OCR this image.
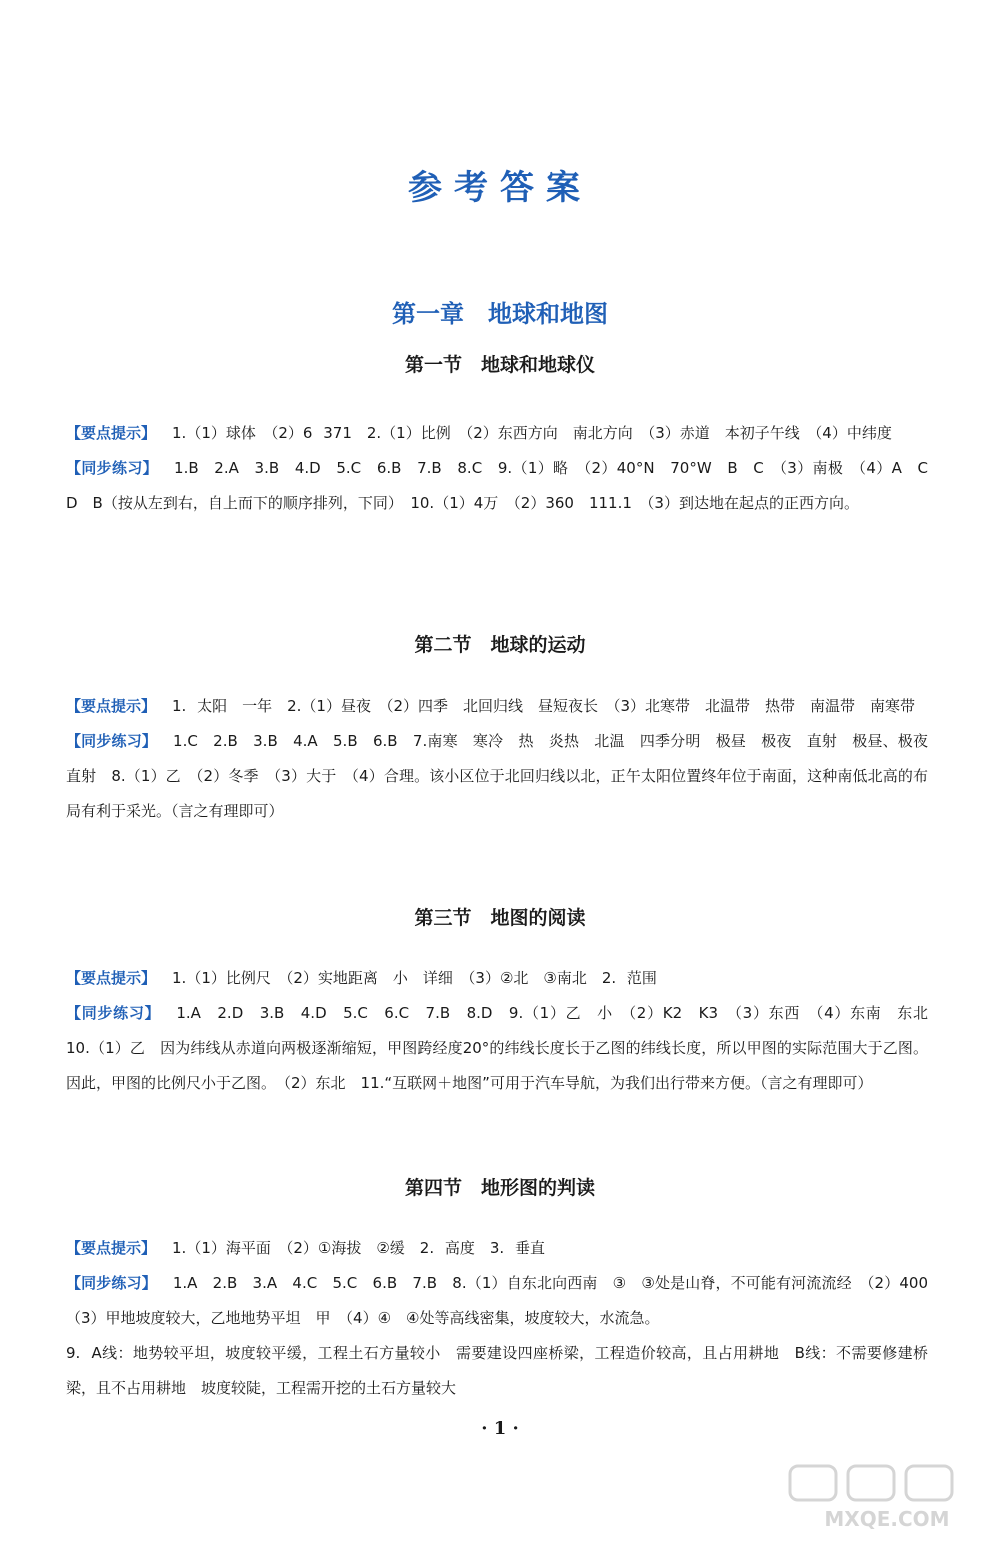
参考答案
第一章　地球和地图
第一节　地球和地球仪

【要点提示】 1.（1）球体　（2）6 371　2.（1）比例　（2）东西方向　南北方向　（3）赤道　本初子午线　（4）中纬度

【同步练习】 1.B　2.A　3.B　4.D　5.C　6.B　7.B　8.C　9.（1）略　（2）40°N　70°W　B　C　（3）南极　（4）A　C　D　B（按从左到右，自上而下的顺序排列，下同）　10.（1）4万　（2）360　111.1　（3）到达地在起点的正西方向。

第二节　地球的运动

【要点提示】 1. 太阳　一年　2.（1）昼夜　（2）四季　北回归线　昼短夜长　（3）北寒带　北温带　热带　南温带　南寒带

【同步练习】 1.C　2.B　3.B　4.A　5.B　6.B　7.南寒　寒冷　热　炎热　北温　四季分明　极昼　极夜　直射　极昼、极夜　直射　8.（1）乙　（2）冬季　（3）大于　（4）合理。该小区位于北回归线以北，正午太阳位置终年位于南面，这种南低北高的布局有利于采光。（言之有理即可）

第三节　地图的阅读

【要点提示】 1.（1）比例尺　（2）实地距离　小　详细　（3）②北　③南北　2. 范围

【同步练习】 1.A　2.D　3.B　4.D　5.C　6.C　7.B　8.D　9.（1）乙　小　（2）K2　K3　（3）东西　（4）东南　东北　10.（1）乙　因为纬线从赤道向两极逐渐缩短，甲图跨经度20°的纬线长度长于乙图的纬线长度，所以甲图的实际范围大于乙图。因此，甲图的比例尺小于乙图。　（2）东北　11.“互联网＋地图”可用于汽车导航，为我们出行带来方便。（言之有理即可）

第四节　地形图的判读

【要点提示】 1.（1）海平面　（2）①海拔　②缓　2. 高度　3. 垂直

【同步练习】 1.A　2.B　3.A　4.C　5.C　6.B　7.B　8.（1）自东北向西南　③　③处是山脊，不可能有河流流经　（2）400　（3）甲地坡度较大，乙地地势平坦　甲　（4）④　④处等高线密集，坡度较大，水流急。

9. A线：地势较平坦，坡度较平缓，工程土石方量较小　需要建设四座桥梁，工程造价较高，且占用耕地　B线：不需要修建桥梁，且不占用耕地　坡度较陡，工程需开挖的土石方量较大

· 1 ·
MXQE.COM
